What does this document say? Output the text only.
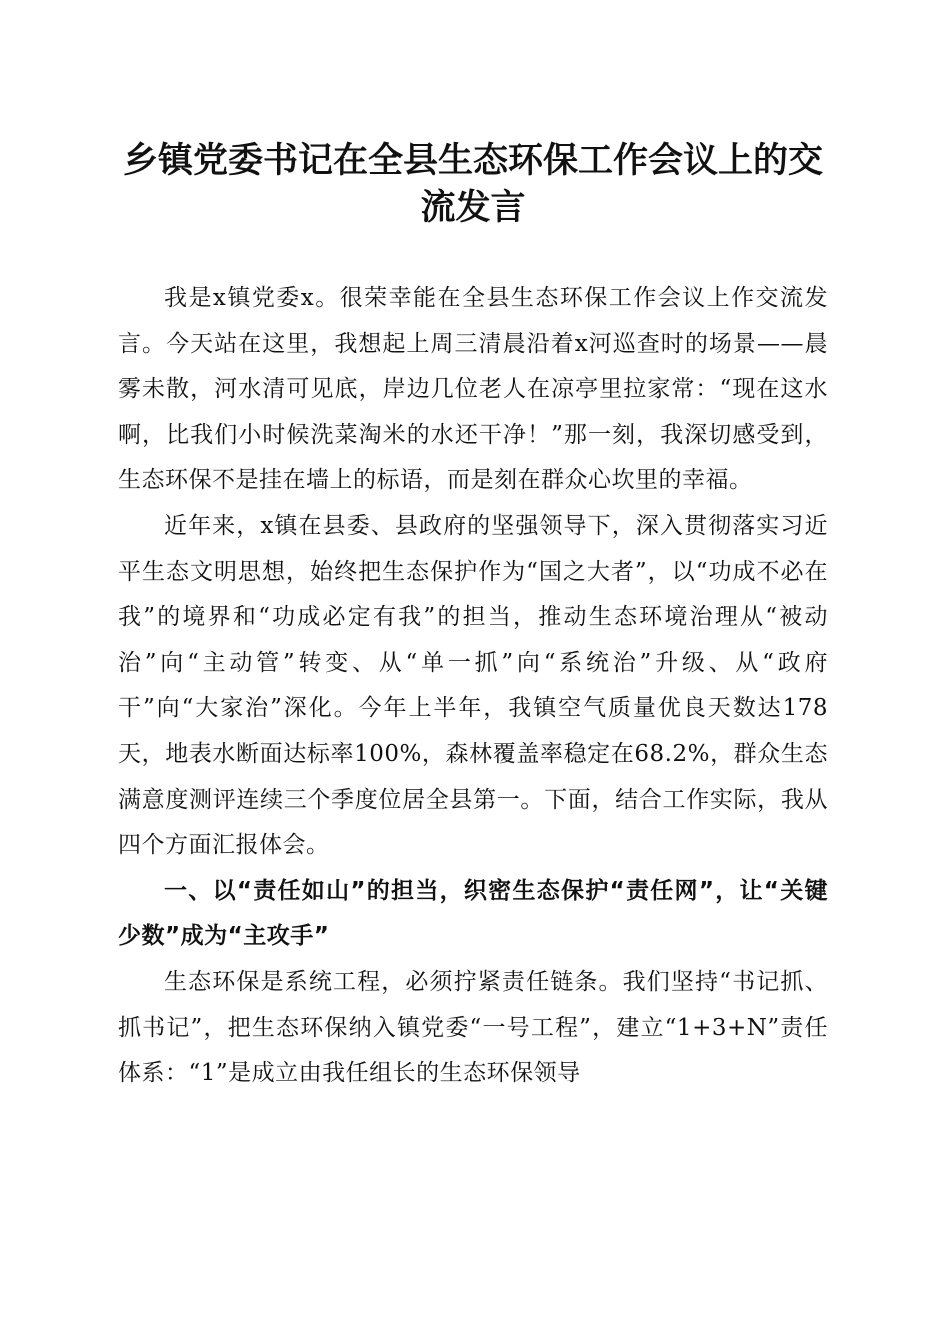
乡镇党委书记在全县生态环保工作会议上的交流发言

我是x镇党委x。很荣幸能在全县生态环保工作会议上作交流发言。今天站在这里，我想起上周三清晨沿着x河巡查时的场景——晨雾未散，河水清可见底，岸边几位老人在凉亭里拉家常：“现在这水啊，比我们小时候洗菜淘米的水还干净！”那一刻，我深切感受到，生态环保不是挂在墙上的标语，而是刻在群众心坎里的幸福。

近年来，x镇在县委、县政府的坚强领导下，深入贯彻落实习近平生态文明思想，始终把生态保护作为“国之大者”，以“功成不必在我”的境界和“功成必定有我”的担当，推动生态环境治理从“被动治”向“主动管”转变、从“单一抓”向“系统治”升级、从“政府干”向“大家治”深化。今年上半年，我镇空气质量优良天数达178天，地表水断面达标率100%，森林覆盖率稳定在68.2%，群众生态满意度测评连续三个季度位居全县第一。下面，结合工作实际，我从四个方面汇报体会。

一、以“责任如山”的担当，织密生态保护“责任网”，让“关键少数”成为“主攻手”

生态环保是系统工程，必须拧紧责任链条。我们坚持“书记抓、抓书记”，把生态环保纳入镇党委“一号工程”，建立“1+3+N”责任体系：“1”是成立由我任组长的生态环保领导
